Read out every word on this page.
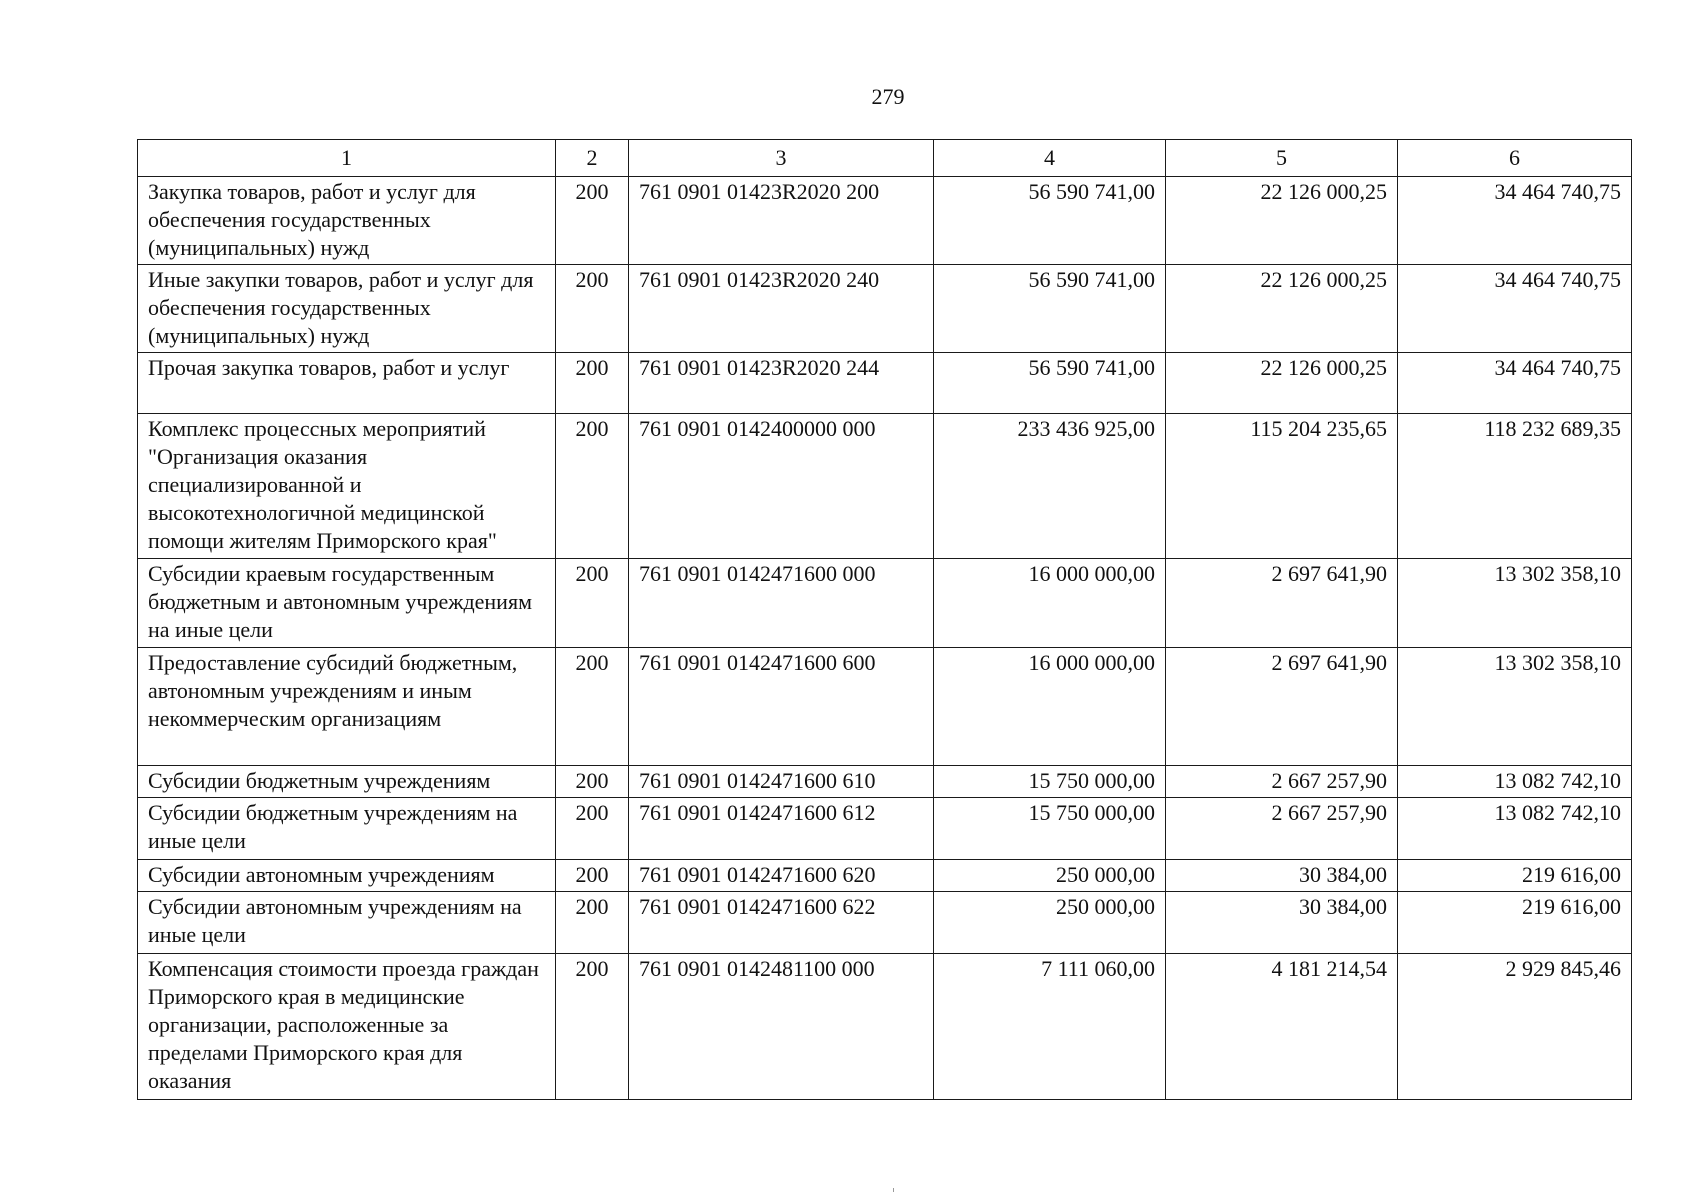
279
1	2	3	4	5	6
Закупка товаров, работ и услуг для обеспечения государственных (муниципальных) нужд	200	761 0901 01423R2020 200	56 590 741,00	22 126 000,25	34 464 740,75
Иные закупки товаров, работ и услуг для обеспечения государственных (муниципальных) нужд	200	761 0901 01423R2020 240	56 590 741,00	22 126 000,25	34 464 740,75
Прочая закупка товаров, работ и услуг	200	761 0901 01423R2020 244	56 590 741,00	22 126 000,25	34 464 740,75
Комплекс процессных мероприятий "Организация оказания специализированной и высокотехнологичной медицинской помощи жителям Приморского края"	200	761 0901 0142400000 000	233 436 925,00	115 204 235,65	118 232 689,35
Субсидии краевым государственным бюджетным и автономным учреждениям на иные цели	200	761 0901 0142471600 000	16 000 000,00	2 697 641,90	13 302 358,10
Предоставление субсидий бюджетным, автономным учреждениям и иным некоммерческим организациям	200	761 0901 0142471600 600	16 000 000,00	2 697 641,90	13 302 358,10
Субсидии бюджетным учреждениям	200	761 0901 0142471600 610	15 750 000,00	2 667 257,90	13 082 742,10
Субсидии бюджетным учреждениям на иные цели	200	761 0901 0142471600 612	15 750 000,00	2 667 257,90	13 082 742,10
Субсидии автономным учреждениям	200	761 0901 0142471600 620	250 000,00	30 384,00	219 616,00
Субсидии автономным учреждениям на иные цели	200	761 0901 0142471600 622	250 000,00	30 384,00	219 616,00
Компенсация стоимости проезда граждан Приморского края в медицинские организации, расположенные за пределами Приморского края для оказания	200	761 0901 0142481100 000	7 111 060,00	4 181 214,54	2 929 845,46
